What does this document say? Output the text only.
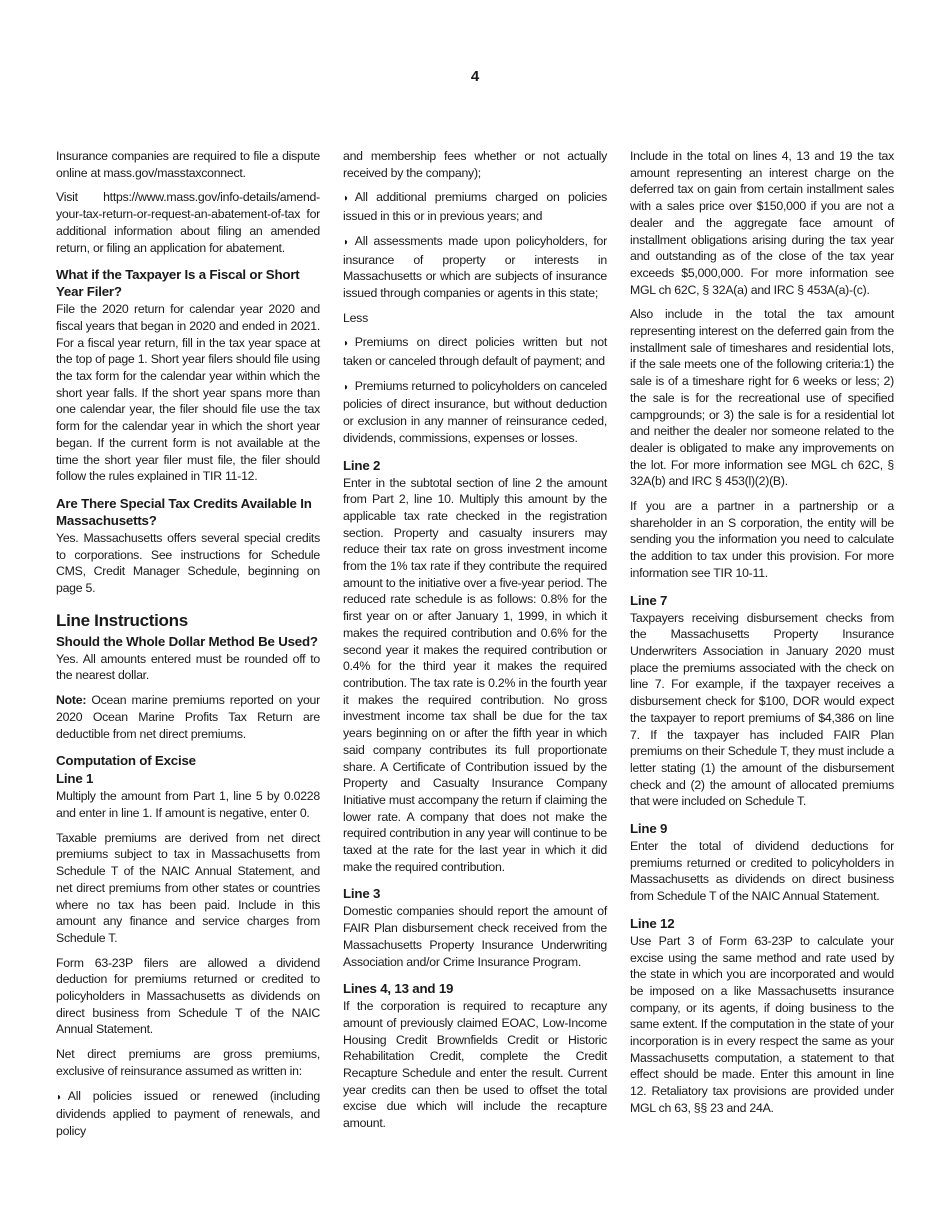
4

Insurance companies are required to file a dispute online at mass.gov/masstaxconnect.

Visit https://www.mass.gov/info-details/amend-your-tax-return-or-request-an-abatement-of-tax for additional information about filing an amended return, or filing an application for abatement.

What if the Taxpayer Is a Fiscal or Short Year Filer?

File the 2020 return for calendar year 2020 and fiscal years that began in 2020 and ended in 2021. For a fiscal year return, fill in the tax year space at the top of page 1. Short year filers should file using the tax form for the calendar year within which the short year falls. If the short year spans more than one calendar year, the filer should file use the tax form for the calendar year in which the short year began. If the current form is not available at the time the short year filer must file, the filer should follow the rules explained in TIR 11-12.

Are There Special Tax Credits Available In Massachusetts?

Yes. Massachusetts offers several special credits to corporations. See instructions for Schedule CMS, Credit Manager Schedule, beginning on page 5.

Line Instructions
Should the Whole Dollar Method Be Used?

Yes. All amounts entered must be rounded off to the nearest dollar.

Note: Ocean marine premiums reported on your 2020 Ocean Marine Profits Tax Return are deductible from net direct premiums.

Computation of Excise
Line 1

Multiply the amount from Part 1, line 5 by 0.0228 and enter in line 1. If amount is negative, enter 0.

Taxable premiums are derived from net direct premiums subject to tax in Massachusetts from Schedule T of the NAIC Annual Statement, and net direct premiums from other states or countries where no tax has been paid. Include in this amount any finance and service charges from Schedule T.

Form 63-23P filers are allowed a dividend deduction for premiums returned or credited to policyholders in Massachusetts as dividends on direct business from Schedule T of the NAIC Annual Statement.

Net direct premiums are gross premiums, exclusive of reinsurance assumed as written in:

◗ All policies issued or renewed (including dividends applied to payment of renewals, and policy

and membership fees whether or not actually received by the company);

◗ All additional premiums charged on policies issued in this or in previous years; and

◗ All assessments made upon policyholders, for insurance of property or interests in Massachusetts or which are subjects of insurance issued through companies or agents in this state;

Less

◗ Premiums on direct policies written but not taken or canceled through default of payment; and

◗ Premiums returned to policyholders on canceled policies of direct insurance, but without deduction or exclusion in any manner of reinsurance ceded, dividends, commissions, expenses or losses.

Line 2

Enter in the subtotal section of line 2 the amount from Part 2, line 10. Multiply this amount by the applicable tax rate checked in the registration section. Property and casualty insurers may reduce their tax rate on gross investment income from the 1% tax rate if they contribute the required amount to the initiative over a five-year period. The reduced rate schedule is as follows: 0.8% for the first year on or after January 1, 1999, in which it makes the required contribution and 0.6% for the second year it makes the required contribution or 0.4% for the third year it makes the required contribution. The tax rate is 0.2% in the fourth year it makes the required contribution. No gross investment income tax shall be due for the tax years beginning on or after the fifth year in which said company contributes its full proportionate share. A Certificate of Contribution issued by the Property and Casualty Insurance Company Initiative must accompany the return if claiming the lower rate. A company that does not make the required contribution in any year will continue to be taxed at the rate for the last year in which it did make the required contribution.

Line 3

Domestic companies should report the amount of FAIR Plan disbursement check received from the Massachusetts Property Insurance Underwriting Association and/or Crime Insurance Program.

Lines 4, 13 and 19

If the corporation is required to recapture any amount of previously claimed EOAC, Low-Income Housing Credit Brownfields Credit or Historic Rehabilitation Credit, complete the Credit Recapture Schedule and enter the result. Current year credits can then be used to offset the total excise due which will include the recapture amount.

Include in the total on lines 4, 13 and 19 the tax amount representing an interest charge on the deferred tax on gain from certain installment sales with a sales price over $150,000 if you are not a dealer and the aggregate face amount of installment obligations arising during the tax year and outstanding as of the close of the tax year exceeds $5,000,000. For more information see MGL ch 62C, § 32A(a) and IRC § 453A(a)-(c).

Also include in the total the tax amount representing interest on the deferred gain from the installment sale of timeshares and residential lots, if the sale meets one of the following criteria:1) the sale is of a timeshare right for 6 weeks or less; 2) the sale is for the recreational use of specified campgrounds; or 3) the sale is for a residential lot and neither the dealer nor someone related to the dealer is obligated to make any improvements on the lot. For more information see MGL ch 62C, § 32A(b) and IRC § 453(l)(2)(B).

If you are a partner in a partnership or a shareholder in an S corporation, the entity will be sending you the information you need to calculate the addition to tax under this provision. For more information see TIR 10-11.

Line 7

Taxpayers receiving disbursement checks from the Massachusetts Property Insurance Underwriters Association in January 2020 must place the premiums associated with the check on line 7. For example, if the taxpayer receives a disbursement check for $100, DOR would expect the taxpayer to report premiums of $4,386 on line 7. If the taxpayer has included FAIR Plan premiums on their Schedule T, they must include a letter stating (1) the amount of the disbursement check and (2) the amount of allocated premiums that were included on Schedule T.

Line 9

Enter the total of dividend deductions for premiums returned or credited to policyholders in Massachusetts as dividends on direct business from Schedule T of the NAIC Annual Statement.

Line 12

Use Part 3 of Form 63-23P to calculate your excise using the same method and rate used by the state in which you are incorporated and would be imposed on a like Massachusetts insurance company, or its agents, if doing business to the same extent. If the computation in the state of your incorporation is in every respect the same as your Massachusetts computation, a statement to that effect should be made. Enter this amount in line 12. Retaliatory tax provisions are provided under MGL ch 63, §§ 23 and 24A.
